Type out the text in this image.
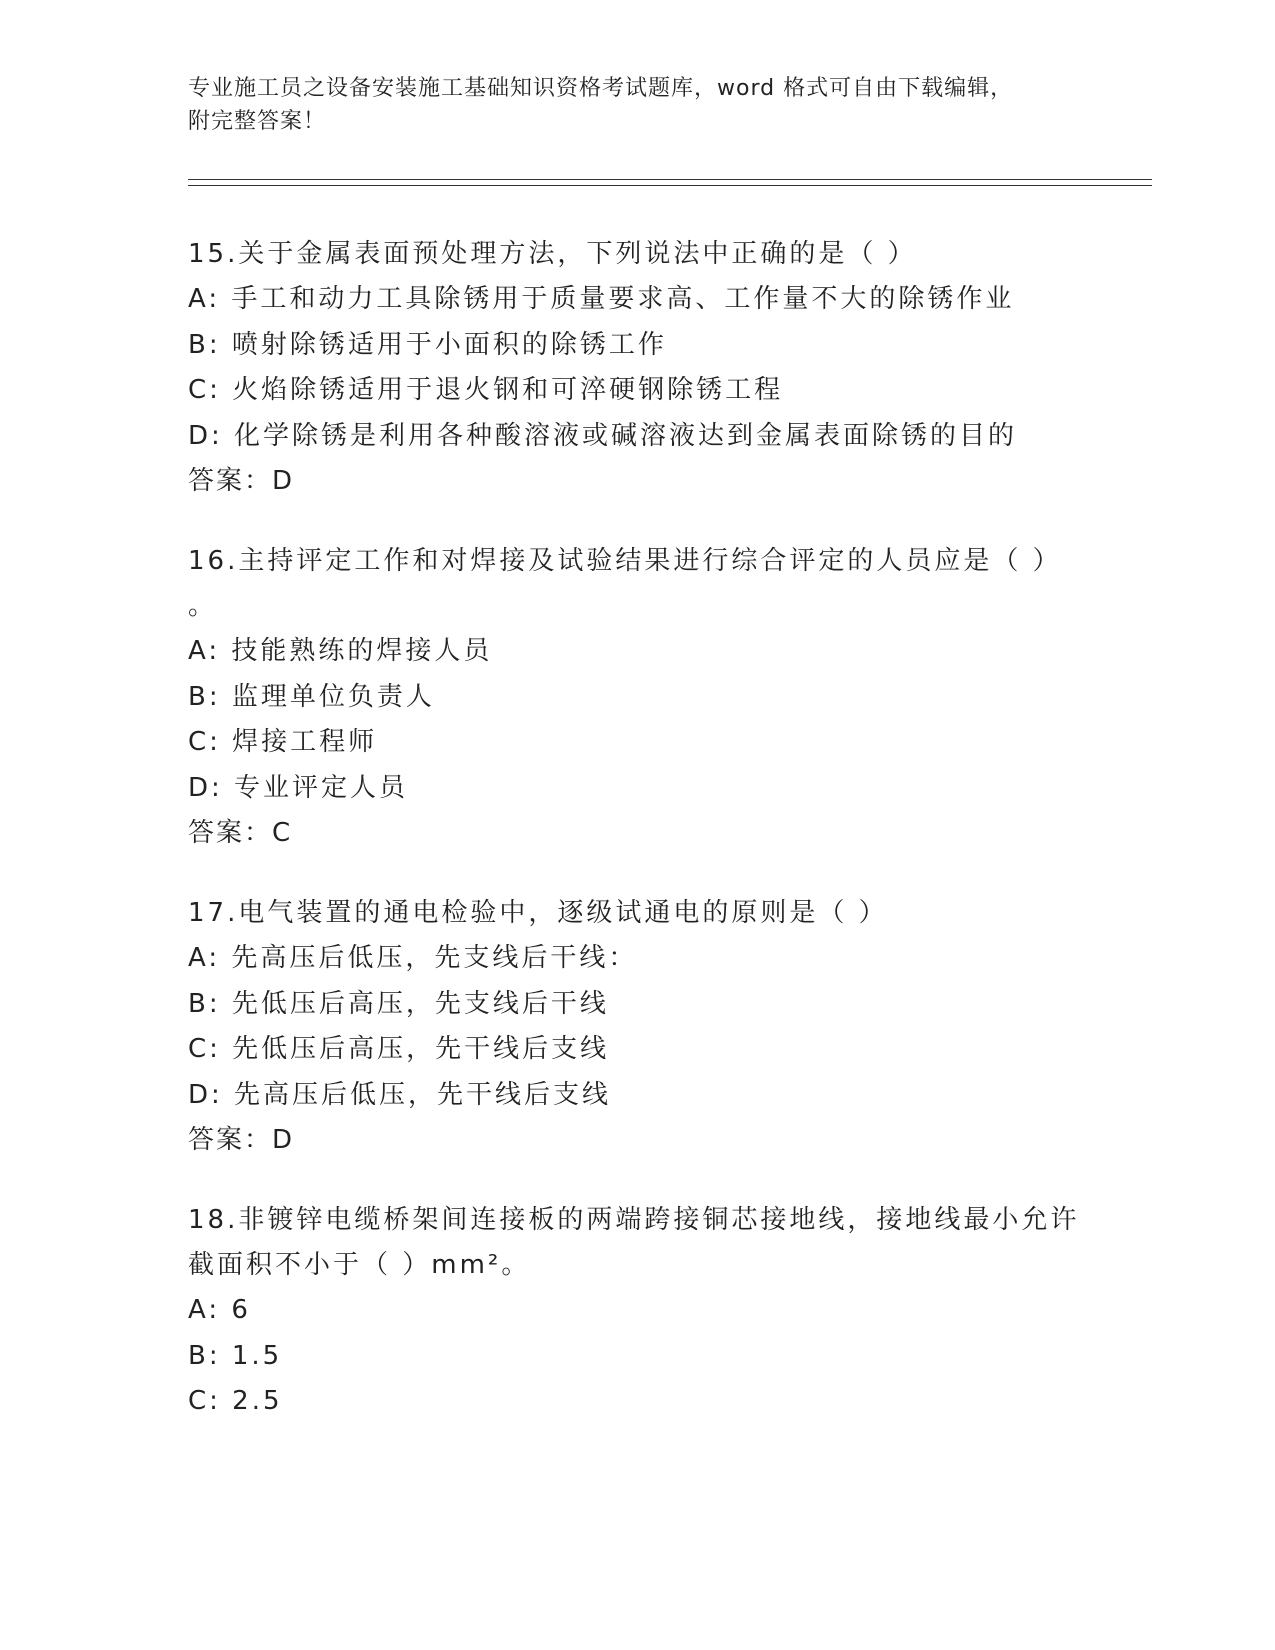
专业施工员之设备安装施工基础知识资格考试题库，word 格式可自由下载编辑，
附完整答案！
15.关于金属表面预处理方法，下列说法中正确的是（ ）
A: 手工和动力工具除锈用于质量要求高、工作量不大的除锈作业
B: 喷射除锈适用于小面积的除锈工作
C: 火焰除锈适用于退火钢和可淬硬钢除锈工程
D: 化学除锈是利用各种酸溶液或碱溶液达到金属表面除锈的目的
答案：D
16.主持评定工作和对焊接及试验结果进行综合评定的人员应是（ ）
。
A: 技能熟练的焊接人员
B: 监理单位负责人
C: 焊接工程师
D: 专业评定人员
答案：C
17.电气装置的通电检验中，逐级试通电的原则是（ ）
A: 先高压后低压，先支线后干线：
B: 先低压后高压，先支线后干线
C: 先低压后高压，先干线后支线
D: 先高压后低压，先干线后支线
答案：D
18.非镀锌电缆桥架间连接板的两端跨接铜芯接地线，接地线最小允许
截面积不小于（ ）mm²。
A: 6
B: 1.5
C: 2.5
